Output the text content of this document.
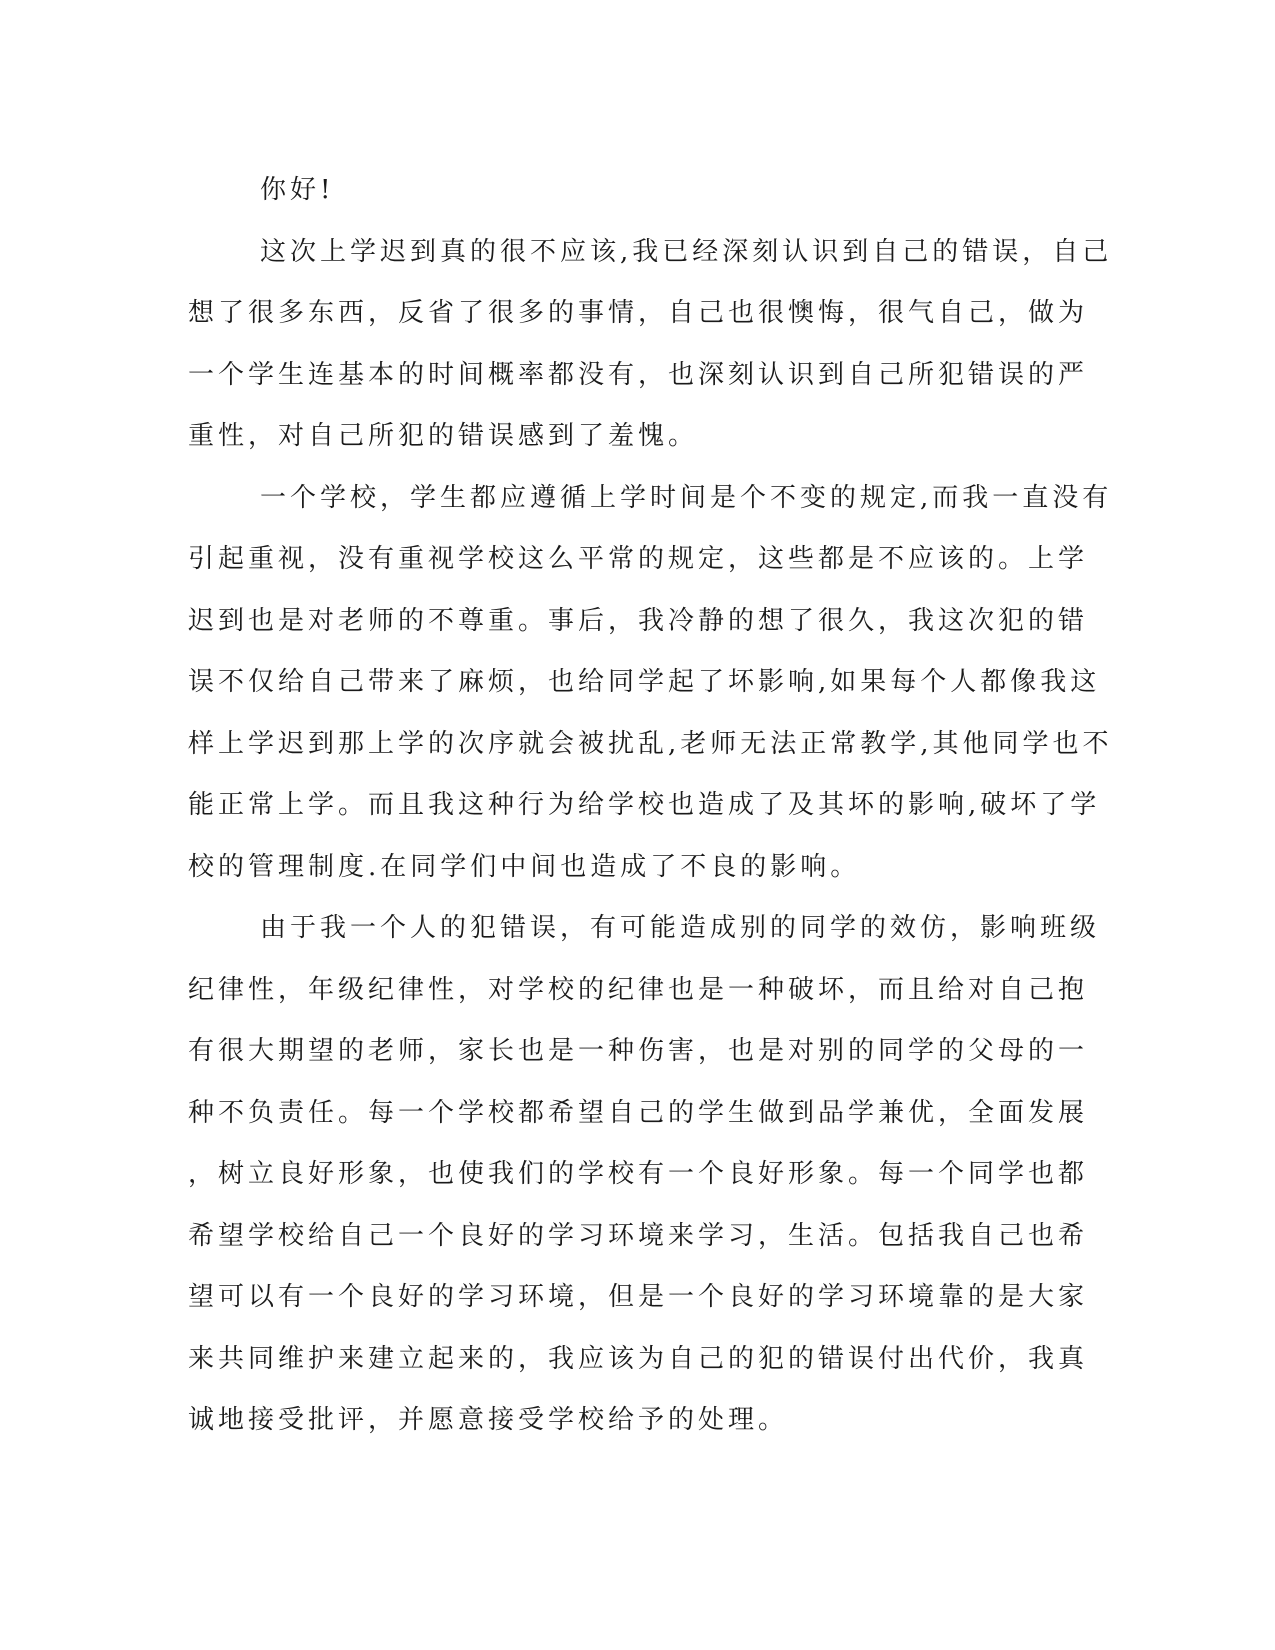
你好!
这次上学迟到真的很不应该,我已经深刻认识到自己的错误，自己
想了很多东西，反省了很多的事情，自己也很懊悔，很气自己，做为
一个学生连基本的时间概率都没有，也深刻认识到自己所犯错误的严
重性，对自己所犯的错误感到了羞愧。
一个学校，学生都应遵循上学时间是个不变的规定,而我一直没有
引起重视，没有重视学校这么平常的规定，这些都是不应该的。上学
迟到也是对老师的不尊重。事后，我冷静的想了很久，我这次犯的错
误不仅给自己带来了麻烦，也给同学起了坏影响,如果每个人都像我这
样上学迟到那上学的次序就会被扰乱,老师无法正常教学,其他同学也不
能正常上学。而且我这种行为给学校也造成了及其坏的影响,破坏了学
校的管理制度.在同学们中间也造成了不良的影响。
由于我一个人的犯错误，有可能造成别的同学的效仿，影响班级
纪律性，年级纪律性，对学校的纪律也是一种破坏，而且给对自己抱
有很大期望的老师，家长也是一种伤害，也是对别的同学的父母的一
种不负责任。每一个学校都希望自己的学生做到品学兼优，全面发展
，树立良好形象，也使我们的学校有一个良好形象。每一个同学也都
希望学校给自己一个良好的学习环境来学习，生活。包括我自己也希
望可以有一个良好的学习环境，但是一个良好的学习环境靠的是大家
来共同维护来建立起来的，我应该为自己的犯的错误付出代价，我真
诚地接受批评，并愿意接受学校给予的处理。
